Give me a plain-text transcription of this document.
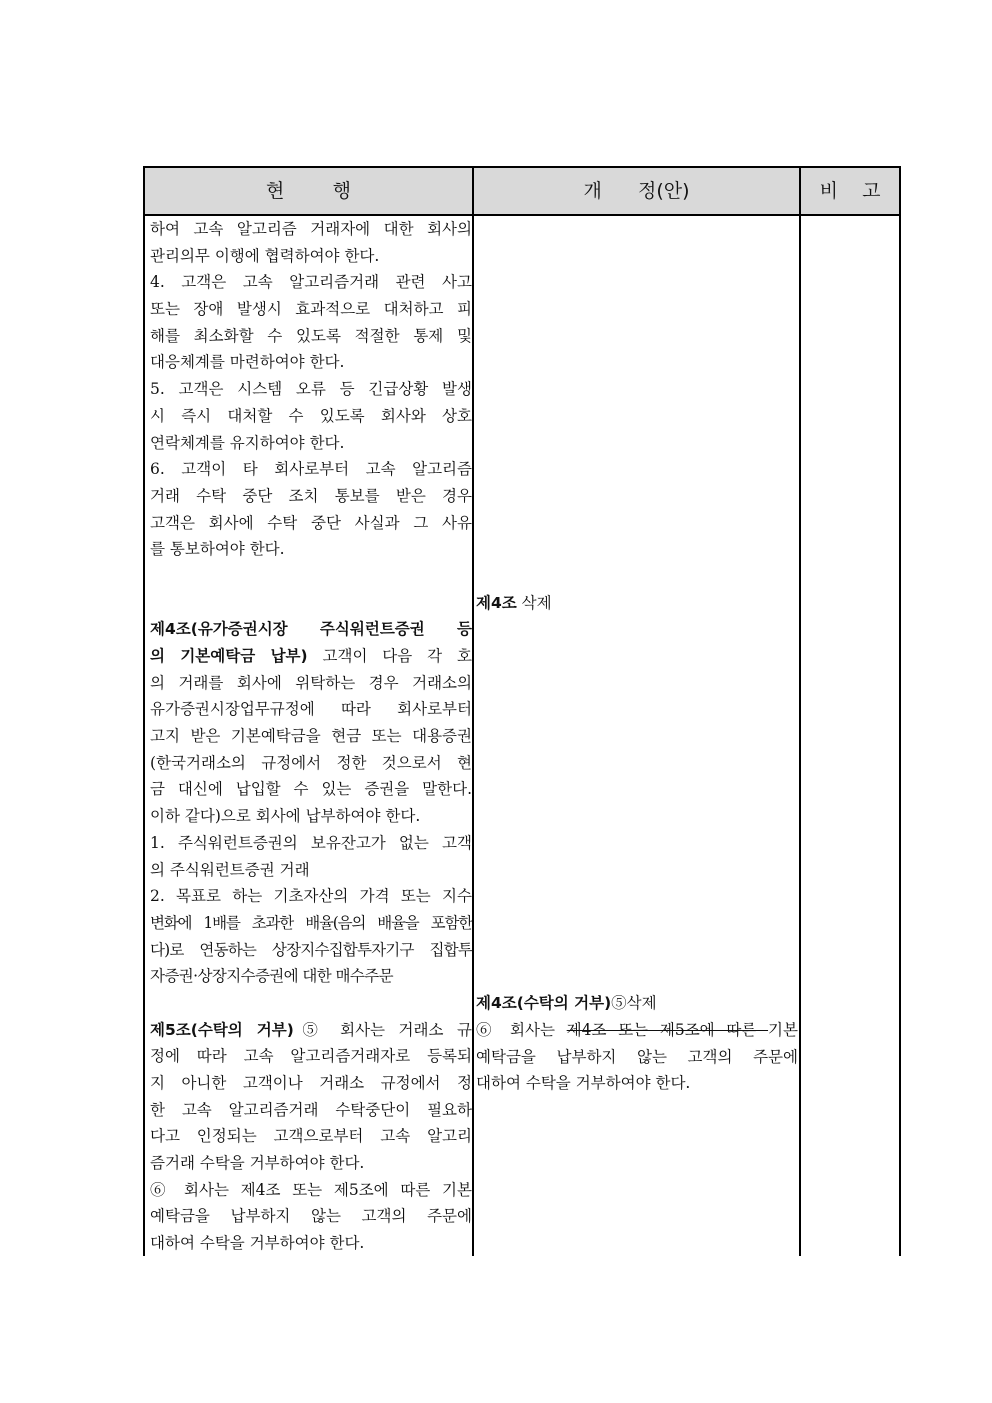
현        행	개      정(안)	비    고
하여 고속 알고리즘 거래자에 대한 회사의
관리의무 이행에 협력하여야 한다.
4. 고객은 고속 알고리즘거래 관련 사고
또는 장애 발생시 효과적으로 대처하고 피
해를 최소화할 수 있도록 적절한 통제 및
대응체계를 마련하여야 한다.
5. 고객은 시스템 오류 등 긴급상황 발생
시 즉시 대처할 수 있도록 회사와 상호
연락체계를 유지하여야 한다.
6. 고객이 타 회사로부터 고속 알고리즘
거래 수탁 중단 조치 통보를 받은 경우
고객은 회사에 수탁 중단 사실과 그 사유
를 통보하여야 한다.
제4조(유가증권시장 주식워런트증권 등
의 기본예탁금 납부) 고객이 다음 각 호
의 거래를 회사에 위탁하는 경우 거래소의
유가증권시장업무규정에 따라 회사로부터
고지 받은 기본예탁금을 현금 또는 대용증권
(한국거래소의 규정에서 정한 것으로서 현
금 대신에 납입할 수 있는 증권을 말한다.
이하 같다)으로 회사에 납부하여야 한다.
1. 주식워런트증권의 보유잔고가 없는 고객
의 주식워런트증권 거래
2. 목표로 하는 기초자산의 가격 또는 지수
변화에 1배를 초과한 배율(음의 배율을 포함한
다)로 연동하는 상장지수집합투자기구 집합투
자증권·상장지수증권에 대한 매수주문
제5조(수탁의 거부)⑤ 회사는 거래소 규
정에 따라 고속 알고리즘거래자로 등록되
지 아니한 고객이나 거래소 규정에서 정
한 고속 알고리즘거래 수탁중단이 필요하
다고 인정되는 고객으로부터 고속 알고리
즘거래 수탁을 거부하여야 한다.
⑥ 회사는 제4조 또는 제5조에 따른 기본
예탁금을 납부하지 않는 고객의 주문에
대하여 수탁을 거부하여야 한다.
제4조 삭제
제4조(수탁의 거부)⑤삭제
⑥ 회사는 제4조 또는 제5조에 따른 기본
예탁금을 납부하지 않는 고객의 주문에
대하여 수탁을 거부하여야 한다.
